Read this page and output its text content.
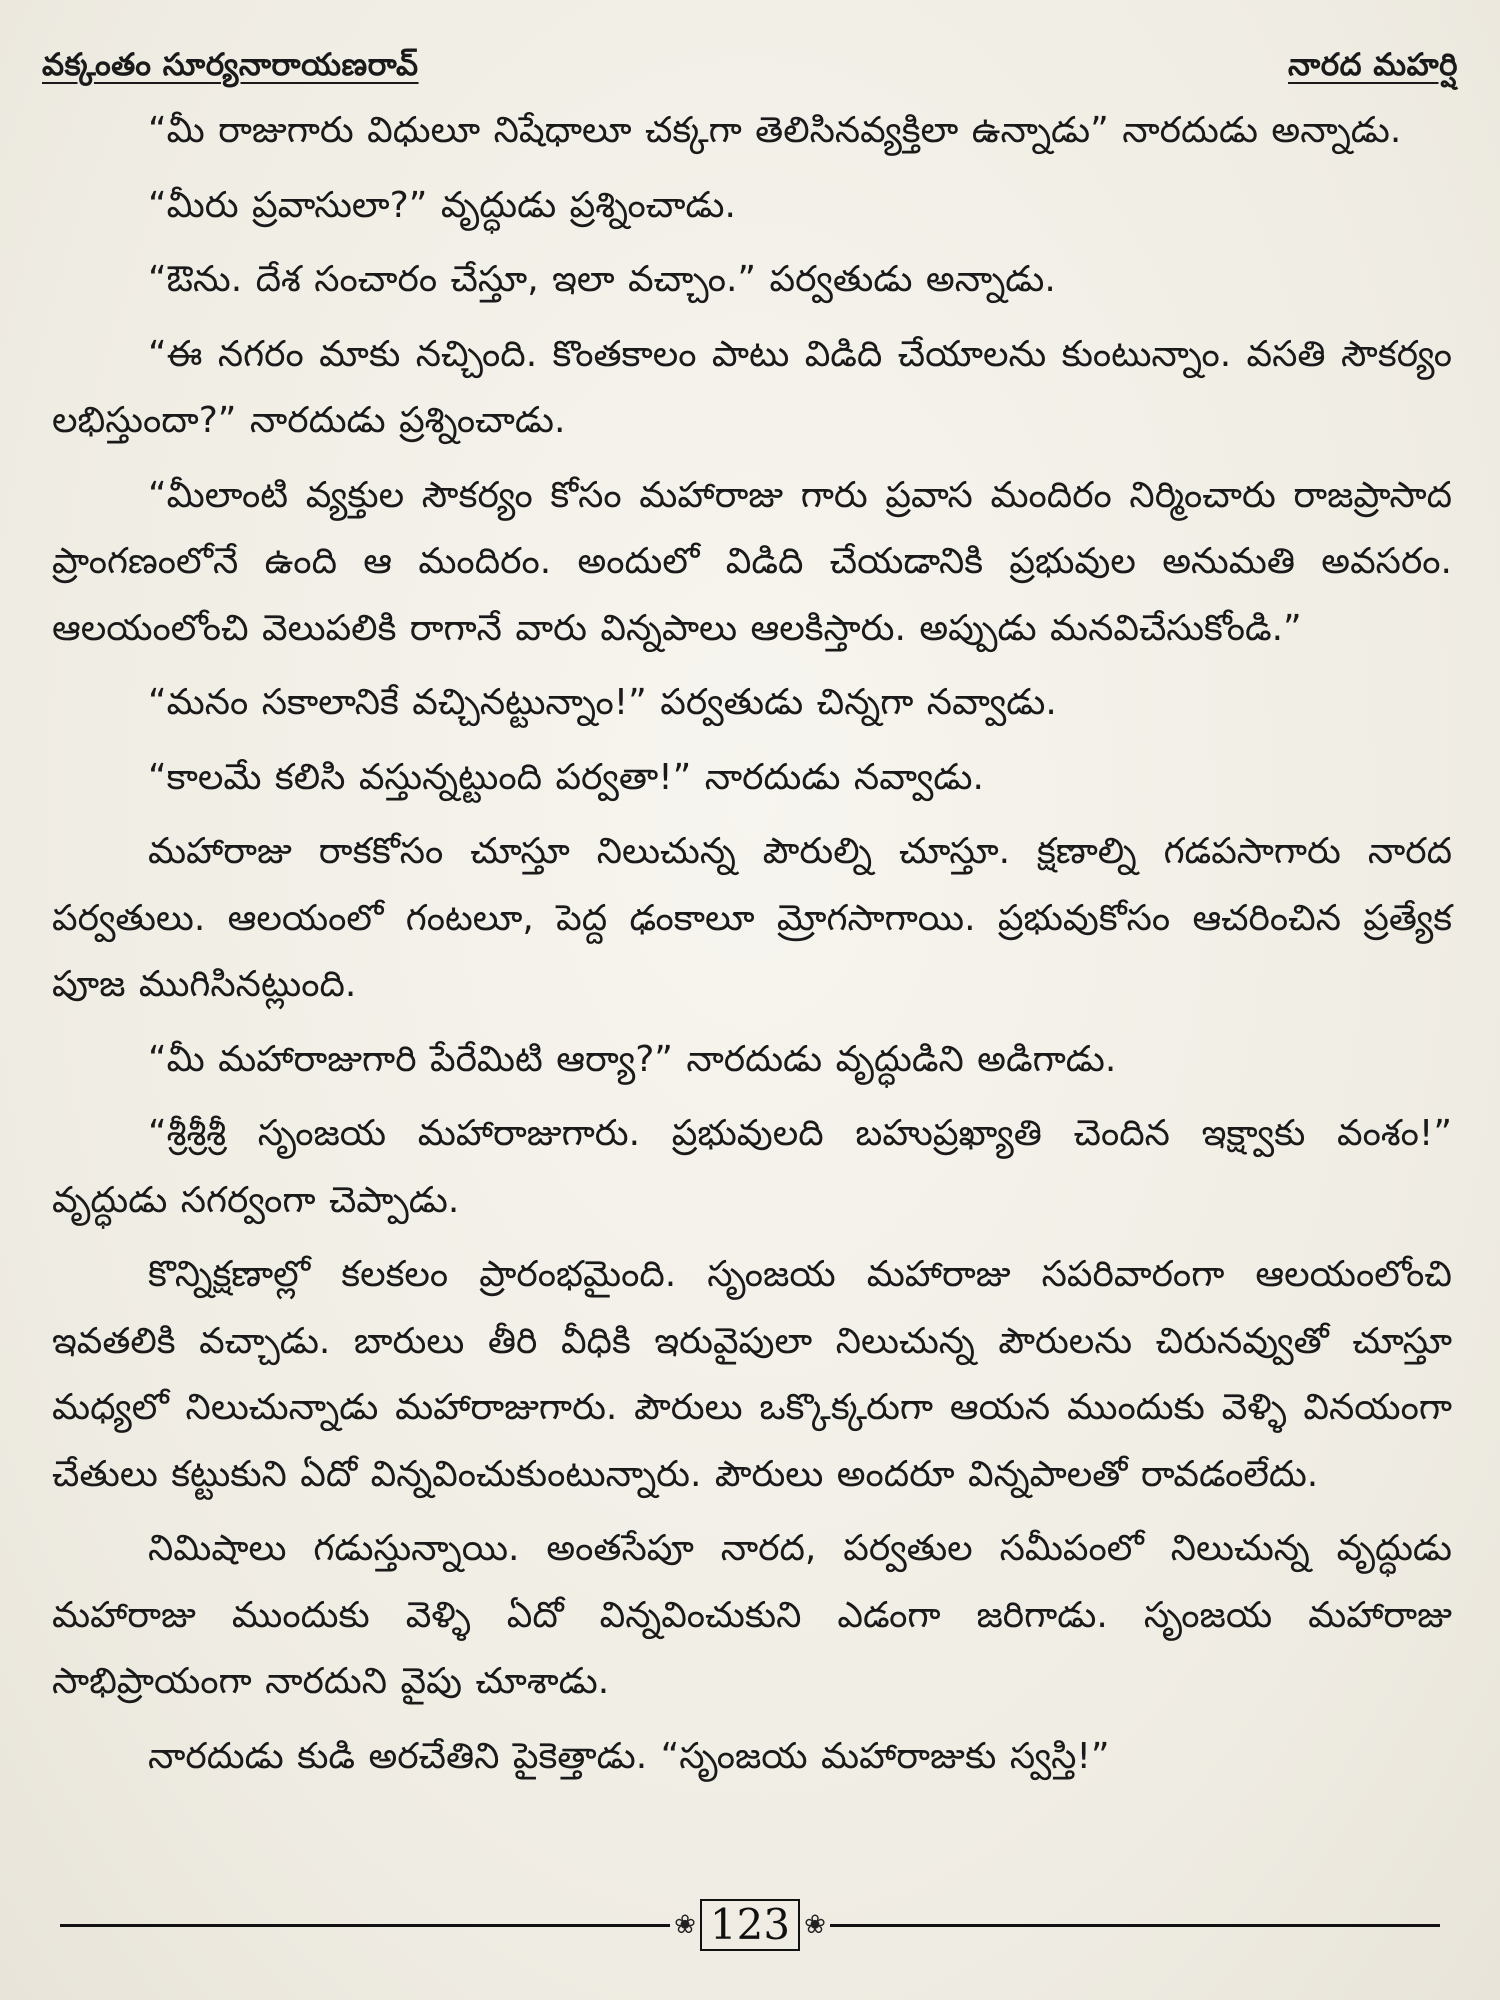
వక్కంతం సూర్యనారాయణరావ్	నారద మహర్షి

“మీ రాజుగారు విధులూ నిషేధాలూ చక్కగా తెలిసినవ్యక్తిలా ఉన్నాడు” నారదుడు అన్నాడు.

“మీరు ప్రవాసులా?” వృద్ధుడు ప్రశ్నించాడు.

“ఔను. దేశ సంచారం చేస్తూ, ఇలా వచ్చాం.” పర్వతుడు అన్నాడు.

“ఈ నగరం మాకు నచ్చింది. కొంతకాలం పాటు విడిది చేయాలను కుంటున్నాం. వసతి సౌకర్యం లభిస్తుందా?” నారదుడు ప్రశ్నించాడు.

“మీలాంటి వ్యక్తుల సౌకర్యం కోసం మహారాజు గారు ప్రవాస మందిరం నిర్మించారు రాజప్రాసాద ప్రాంగణంలోనే ఉంది ఆ మందిరం. అందులో విడిది చేయడానికి ప్రభువుల అనుమతి అవసరం. ఆలయంలోంచి వెలుపలికి రాగానే వారు విన్నపాలు ఆలకిస్తారు. అప్పుడు మనవిచేసుకోండి.”

“మనం సకాలానికే వచ్చినట్టున్నాం!” పర్వతుడు చిన్నగా నవ్వాడు.

“కాలమే కలిసి వస్తున్నట్టుంది పర్వతా!” నారదుడు నవ్వాడు.

మహారాజు రాకకోసం చూస్తూ నిలుచున్న పౌరుల్ని చూస్తూ. క్షణాల్ని గడపసాగారు నారద పర్వతులు. ఆలయంలో గంటలూ, పెద్ద ఢంకాలూ మ్రోగసాగాయి. ప్రభువుకోసం ఆచరించిన ప్రత్యేక పూజ ముగిసినట్లుంది.

“మీ మహారాజుగారి పేరేమిటి ఆర్యా?” నారదుడు వృద్ధుడిని అడిగాడు.

“శ్రీశ్రీశ్రీ సృంజయ మహారాజుగారు. ప్రభువులది బహుప్రఖ్యాతి చెందిన ఇక్ష్వాకు వంశం!” వృద్ధుడు సగర్వంగా చెప్పాడు.

కొన్నిక్షణాల్లో కలకలం ప్రారంభమైంది. సృంజయ మహారాజు సపరివారంగా ఆలయంలోంచి ఇవతలికి వచ్చాడు. బారులు తీరి వీధికి ఇరువైపులా నిలుచున్న పౌరులను చిరునవ్వుతో చూస్తూ మధ్యలో నిలుచున్నాడు మహారాజుగారు. పౌరులు ఒక్కొక్కరుగా ఆయన ముందుకు వెళ్ళి వినయంగా చేతులు కట్టుకుని ఏదో విన్నవించుకుంటున్నారు. పౌరులు అందరూ విన్నపాలతో రావడంలేదు.

నిమిషాలు గడుస్తున్నాయి. అంతసేపూ నారద, పర్వతుల సమీపంలో నిలుచున్న వృద్ధుడు మహారాజు ముందుకు వెళ్ళి ఏదో విన్నవించుకుని ఎడంగా జరిగాడు. సృంజయ మహారాజు సాభిప్రాయంగా నారదుని వైపు చూశాడు.

నారదుడు కుడి అరచేతిని పైకెత్తాడు. “సృంజయ మహారాజుకు స్వస్తి!”

❀ 123 ❀
